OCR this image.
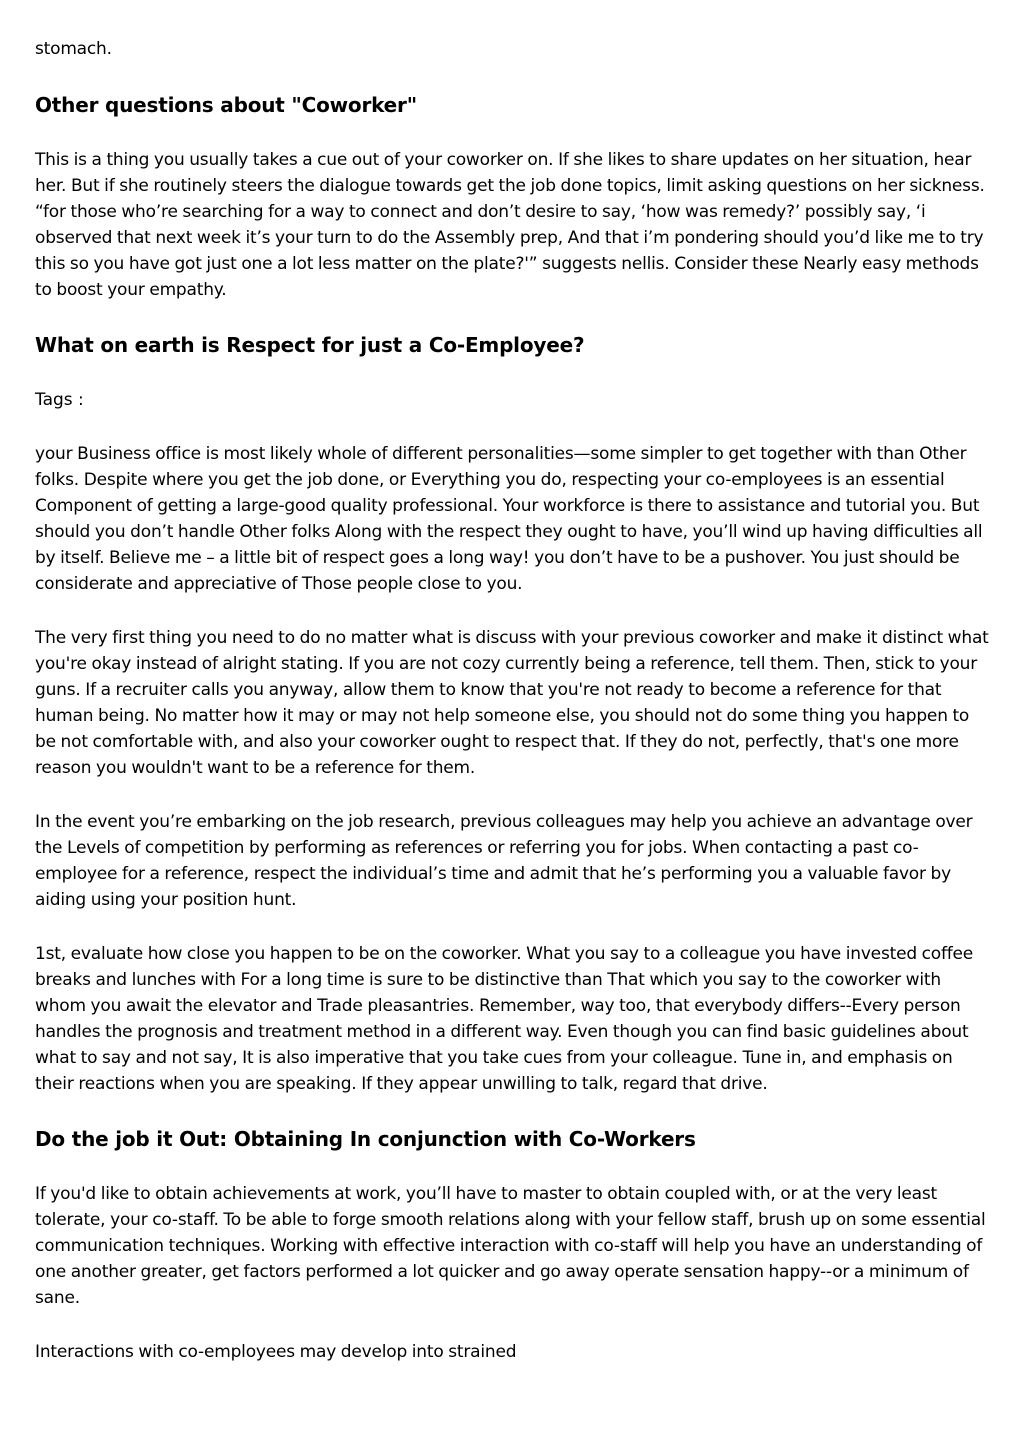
stomach.

Other questions about "Coworker"

This is a thing you usually takes a cue out of your coworker on. If she likes to share updates on her situation, hear her. But if she routinely steers the dialogue towards get the job done topics, limit asking questions on her sickness. “for those who’re searching for a way to connect and don’t desire to say, ‘how was remedy?’ possibly say, ‘i observed that next week it’s your turn to do the Assembly prep, And that i’m pondering should you’d like me to try this so you have got just one a lot less matter on the plate?'” suggests nellis. Consider these Nearly easy methods to boost your empathy.

What on earth is Respect for just a Co-Employee?

Tags :

your Business office is most likely whole of different personalities—some simpler to get together with than Other folks. Despite where you get the job done, or Everything you do, respecting your co-employees is an essential Component of getting a large-good quality professional. Your workforce is there to assistance and tutorial you. But should you don’t handle Other folks Along with the respect they ought to have, you’ll wind up having difficulties all by itself. Believe me – a little bit of respect goes a long way! you don’t have to be a pushover. You just should be considerate and appreciative of Those people close to you.

The very first thing you need to do no matter what is discuss with your previous coworker and make it distinct what you're okay instead of alright stating. If you are not cozy currently being a reference, tell them. Then, stick to your guns. If a recruiter calls you anyway, allow them to know that you're not ready to become a reference for that human being. No matter how it may or may not help someone else, you should not do some thing you happen to be not comfortable with, and also your coworker ought to respect that. If they do not, perfectly, that's one more reason you wouldn't want to be a reference for them.

In the event you’re embarking on the job research, previous colleagues may help you achieve an advantage over the Levels of competition by performing as references or referring you for jobs. When contacting a past co-employee for a reference, respect the individual’s time and admit that he’s performing you a valuable favor by aiding using your position hunt.

1st, evaluate how close you happen to be on the coworker. What you say to a colleague you have invested coffee breaks and lunches with For a long time is sure to be distinctive than That which you say to the coworker with whom you await the elevator and Trade pleasantries. Remember, way too, that everybody differs--Every person handles the prognosis and treatment method in a different way. Even though you can find basic guidelines about what to say and not say, It is also imperative that you take cues from your colleague. Tune in, and emphasis on their reactions when you are speaking. If they appear unwilling to talk, regard that drive.

Do the job it Out: Obtaining In conjunction with Co-Workers

If you'd like to obtain achievements at work, you’ll have to master to obtain coupled with, or at the very least tolerate, your co-staff. To be able to forge smooth relations along with your fellow staff, brush up on some essential communication techniques. Working with effective interaction with co-staff will help you have an understanding of one another greater, get factors performed a lot quicker and go away operate sensation happy--or a minimum of sane.

Interactions with co-employees may develop into strained
